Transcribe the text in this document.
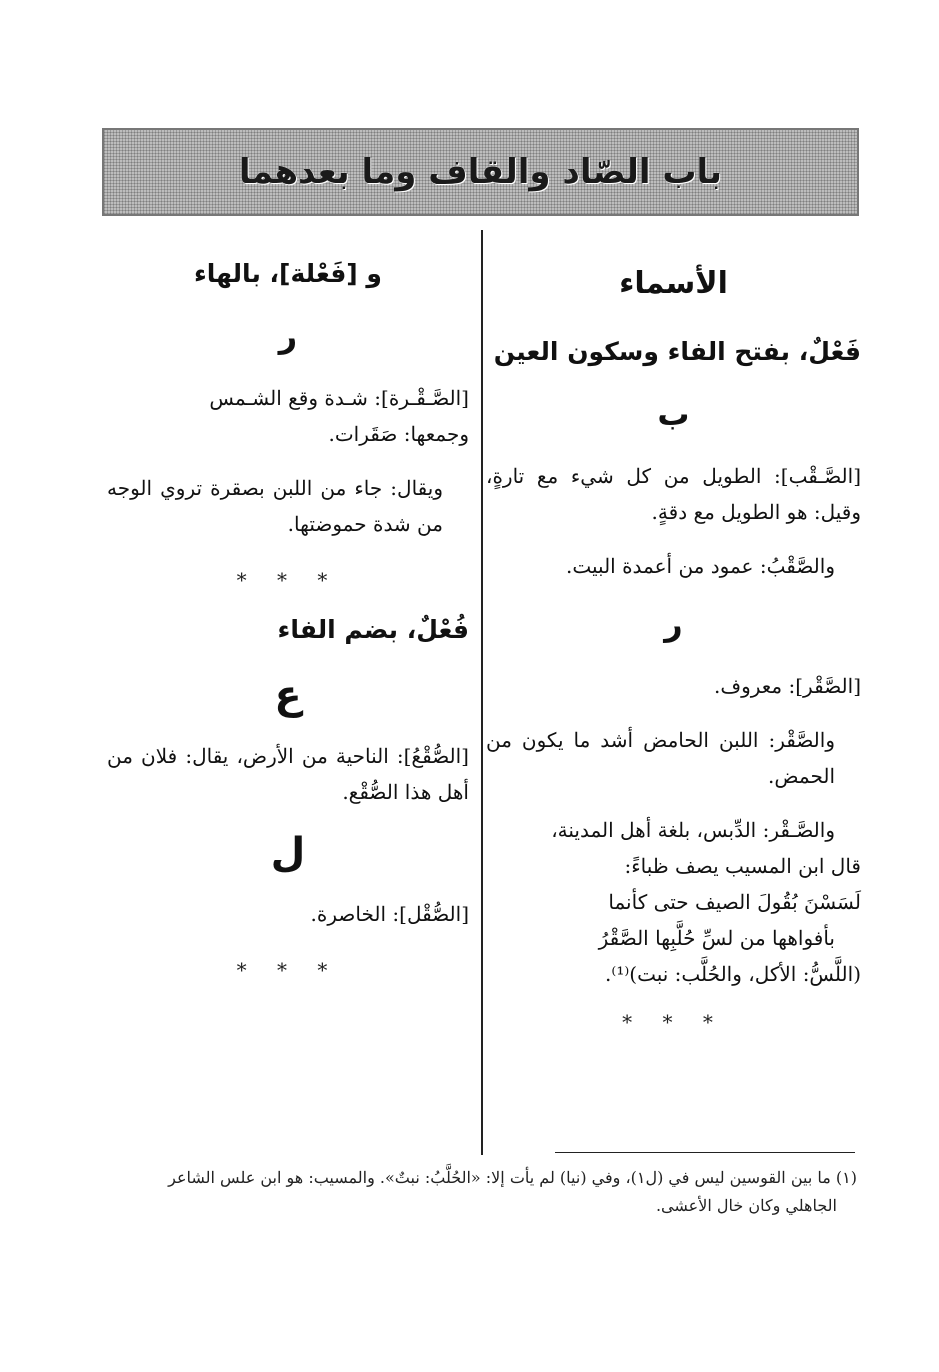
باب الصّاد والقاف وما بعدهما
الأسماء
فَعْلٌ، بفتح الفاء وسكون العين
ب

[الصَّـقْب]: الطويل من كل شيء مع تارةٍ، وقيل: هو الطويل مع دقةٍ.

والصَّقْبُ: عمود من أعمدة البيت.

ر

[الصَّقْر]: معروف.

والصَّقْر: اللبن الحامض أشد ما يكون من الحمض.

والصَّـقْر: الدِّبس، بلغة أهل المدينة،

قال ابن المسيب يصف ظباءً:

لَسَسْنَ بُقُولَ الصيف حتى كأنما

بأفواهها من لسِّ حُلَّبِها الصَّقْرُ

(اللَّسُّ: الأكل، والحُلَّب: نبت)⁽¹⁾.

* * *
و [فَعْلة]، بالهاء
ر

[الصَّـقْـرة]: شـدة وقع الشـمس

وجمعها: صَقَرات.

ويقال: جاء من اللبن بصقرة تروي الوجه من شدة حموضتها.

* * *
فُعْلٌ، بضم الفاء
ع

[الصُّقْعُ]: الناحية من الأرض، يقال: فلان من أهل هذا الصُّقْع.

ل

[الصُّقْل]: الخاصرة.

* * *
(١) ما بين القوسين ليس في (ل١)، وفي (نيا) لم يأت إلا: «الحُلَّبُ: نبتٌ». والمسيب: هو ابن علس الشاعر
الجاهلي وكان خال الأعشى.
